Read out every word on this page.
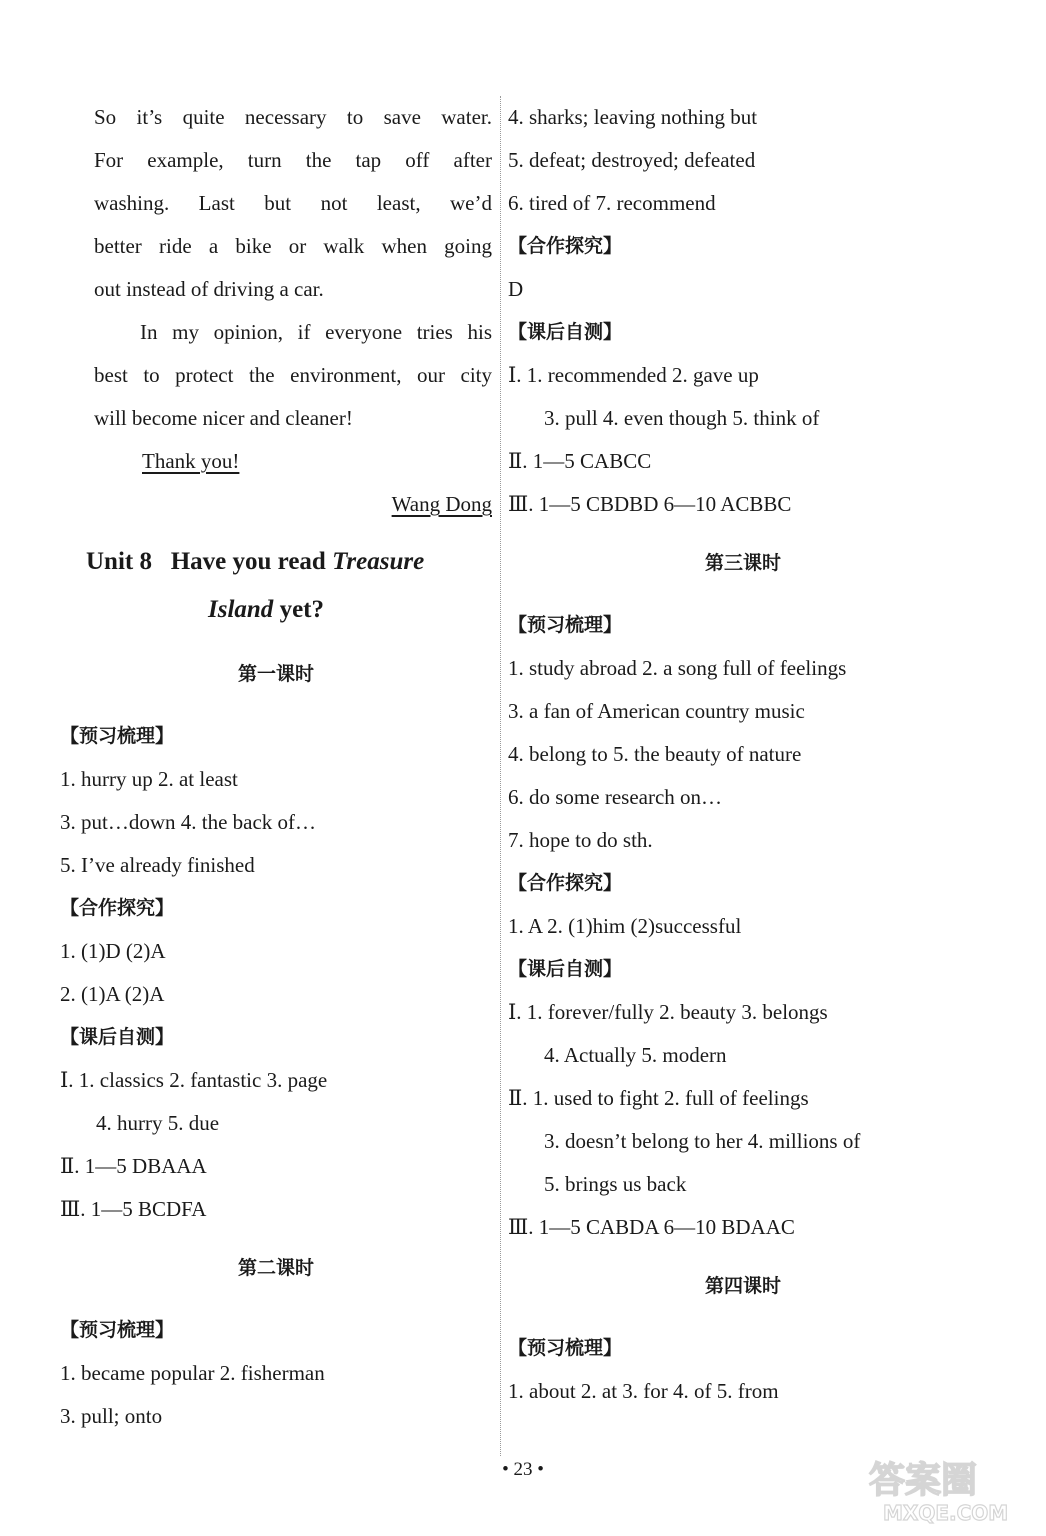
So it’s quite necessary to save water.
For example, turn the tap off after
washing. Last but not least, we’d
better ride a bike or walk when going
out instead of driving a car.
In my opinion, if everyone tries his
best to protect the environment, our city
will become nicer and cleaner!
Thank you!
Wang Dong
Unit 8   Have you read Treasure
Island yet?
第一课时
【预习梳理】
1. hurry up 2. at least
3. put…down 4. the back of…
5. I’ve already finished
【合作探究】
1. (1)D (2)A
2. (1)A (2)A
【课后自测】
Ⅰ. 1. classics 2. fantastic 3. page
4. hurry 5. due
Ⅱ. 1—5 DBAAA
Ⅲ. 1—5 BCDFA
第二课时
【预习梳理】
1. became popular 2. fisherman
3. pull; onto
4. sharks; leaving nothing but
5. defeat; destroyed; defeated
6. tired of 7. recommend
【合作探究】
D
【课后自测】
Ⅰ. 1. recommended 2. gave up
3. pull 4. even though 5. think of
Ⅱ. 1—5 CABCC
Ⅲ. 1—5 CBDBD 6—10 ACBBC
第三课时
【预习梳理】
1. study abroad 2. a song full of feelings
3. a fan of American country music
4. belong to 5. the beauty of nature
6. do some research on…
7. hope to do sth.
【合作探究】
1. A 2. (1)him (2)successful
【课后自测】
Ⅰ. 1. forever/fully 2. beauty 3. belongs
4. Actually 5. modern
Ⅱ. 1. used to fight 2. full of feelings
3. doesn’t belong to her 4. millions of
5. brings us back
Ⅲ. 1—5 CABDA 6—10 BDAAC
第四课时
【预习梳理】
1. about 2. at 3. for 4. of 5. from
• 23 •	答案圈
MXQE.COM
